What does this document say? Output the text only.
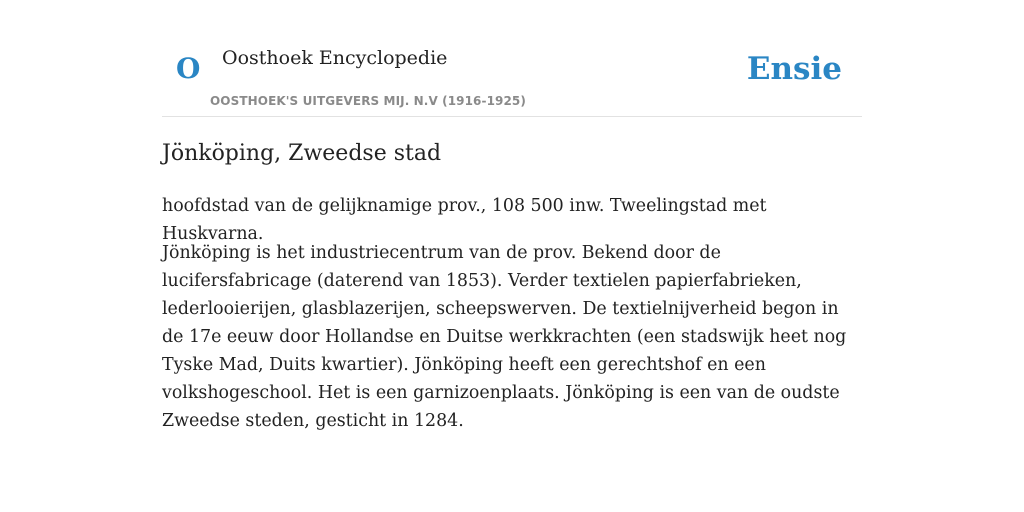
O Oosthoek Encyclopedie
OOSTHOEK'S UITGEVERS MIJ. N.V (1916-1925)
Ensie
Jönköping, Zweedse stad

hoofdstad van de gelijknamige prov., 108 500 inw. Tweelingstad met Huskvarna.

Jönköping is het industriecentrum van de prov. Bekend door de lucifersfabricage (daterend van 1853). Verder textielen papierfabrieken, lederlooierijen, glasblazerijen, scheepswerven. De textielnijverheid begon in de 17e eeuw door Hollandse en Duitse werkkrachten (een stadswijk heet nog Tyske Mad, Duits kwartier). Jönköping heeft een gerechtshof en een volkshogeschool. Het is een garnizoenplaats. Jönköping is een van de oudste Zweedse steden, gesticht in 1284.
